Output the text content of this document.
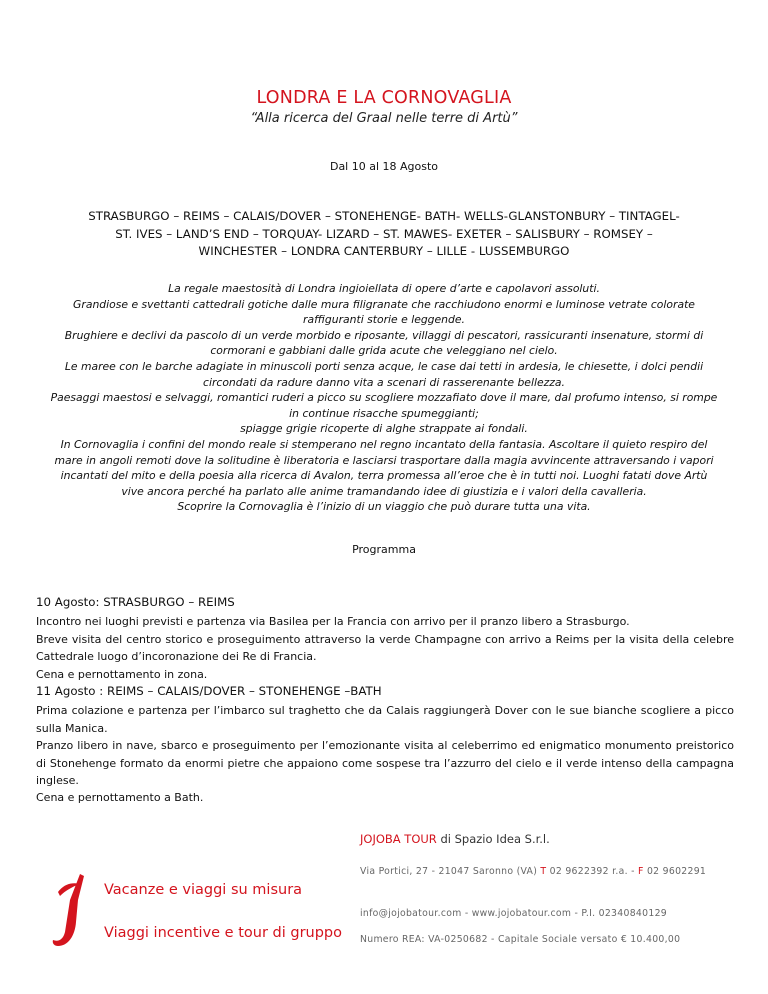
LONDRA E LA CORNOVAGLIA
“Alla ricerca del Graal nelle terre di Artù”
Dal 10 al 18 Agosto
STRASBURGO – REIMS – CALAIS/DOVER – STONEHENGE- BATH- WELLS-GLANSTONBURY – TINTAGEL- ST. IVES – LAND’S END – TORQUAY- LIZARD – ST. MAWES- EXETER – SALISBURY – ROMSEY – WINCHESTER – LONDRA CANTERBURY – LILLE - LUSSEMBURGO

La regale maestosità di Londra ingioiellata di opere d’arte e capolavori assoluti.

Grandiose e svettanti cattedrali gotiche dalle mura filigranate che racchiudono enormi e luminose vetrate colorate raffiguranti storie e leggende.

Brughiere e declivi da pascolo di un verde morbido e riposante, villaggi di pescatori, rassicuranti insenature, stormi di cormorani e gabbiani dalle grida acute che veleggiano nel cielo.

Le maree con le barche adagiate in minuscoli porti senza acque, le case dai tetti in ardesia, le chiesette, i dolci pendii circondati da radure danno vita a scenari di rasserenante bellezza.

Paesaggi maestosi e selvaggi, romantici ruderi a picco su scogliere mozzafiato dove il mare, dal profumo intenso, si rompe in continue risacche spumeggianti;

spiagge grigie ricoperte di alghe strappate ai fondali.

In Cornovaglia i confini del mondo reale si stemperano nel regno incantato della fantasia. Ascoltare il quieto respiro del mare in angoli remoti dove la solitudine è liberatoria e lasciarsi trasportare dalla magia avvincente attraversando i vapori incantati del mito e della poesia alla ricerca di Avalon, terra promessa all’eroe che è in tutti noi. Luoghi fatati dove Artù vive ancora perché ha parlato alle anime tramandando idee di giustizia e i valori della cavalleria.

Scoprire la Cornovaglia è l’inizio di un viaggio che può durare tutta una vita.

Programma
10 Agosto: STRASBURGO – REIMS

Incontro nei luoghi previsti e partenza via Basilea per la Francia con arrivo per il pranzo libero a Strasburgo.

Breve visita del centro storico e proseguimento attraverso la verde Champagne con arrivo a Reims per la visita della celebre Cattedrale luogo d’incoronazione dei Re di Francia.

Cena e pernottamento in zona.

11 Agosto : REIMS – CALAIS/DOVER – STONEHENGE –BATH

Prima colazione e partenza per l’imbarco sul traghetto che da Calais raggiungerà Dover con le sue bianche scogliere a picco sulla Manica.

Pranzo libero in nave, sbarco e proseguimento per l’emozionante visita al celeberrimo ed enigmatico monumento preistorico di Stonehenge formato da enormi pietre che appaiono come sospese tra l’azzurro del cielo e il verde intenso della campagna inglese.

Cena e pernottamento a Bath.

Vacanze e viaggi su misura
Viaggi incentive e tour di gruppo
JOJOBA TOUR di Spazio Idea S.r.l.
Via Portici, 27 - 21047 Saronno (VA) T 02 9622392 r.a. - F 02 9602291
info@jojobatour.com - www.jojobatour.com - P.I. 02340840129
Numero REA: VA-0250682 - Capitale Sociale versato € 10.400,00
